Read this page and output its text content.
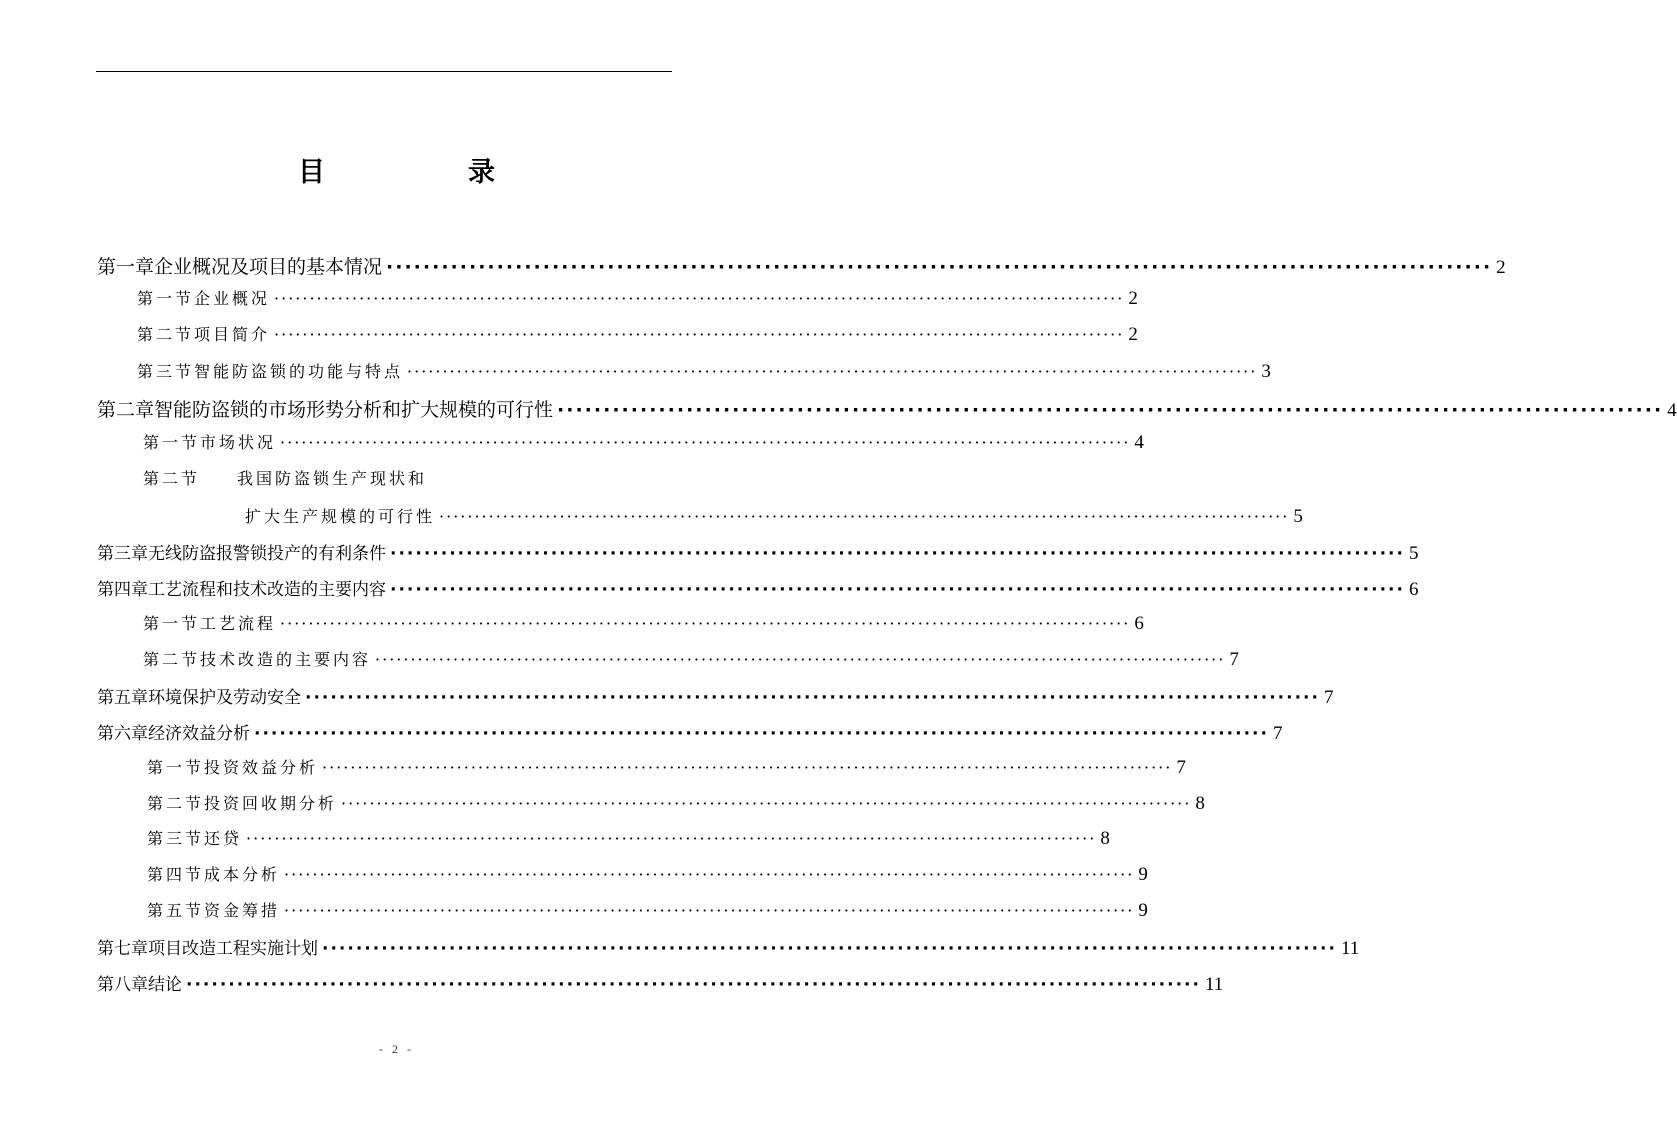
目	录
第一章 企业概况及项目的基本情况 ························································································································ 2
第一节 企业概况 ························································································································ 2
第二节 项目简介 ························································································································ 2
第三节 智能防盗锁的功能与特点 ························································································································ 3
第二章 智能防盗锁的市场形势分析和扩大规模的可行性 ························································································································ 4
第一节 市场状况 ························································································································ 4
第二节	我国防盗锁生产现状和
扩大生产规模的可行性 ························································································································ 5
第三章 无线防盗报警锁投产的有利条件 ························································································································ 5
第四章 工艺流程和技术改造的主要内容 ························································································································ 6
第一节 工艺流程 ························································································································ 6
第二节 技术改造的主要内容 ························································································································ 7
第五章 环境保护及劳动安全 ························································································································ 7
第六章 经济效益分析 ························································································································ 7
第一节 投资效益分析 ························································································································ 7
第二节 投资回收期分析 ························································································································ 8
第三节 还贷 ························································································································ 8
第四节 成本分析 ························································································································ 9
第五节 资金筹措 ························································································································ 9
第七章 项目改造工程实施计划 ························································································································ 11
第八章 结论 ························································································································ 11
- 2 -
